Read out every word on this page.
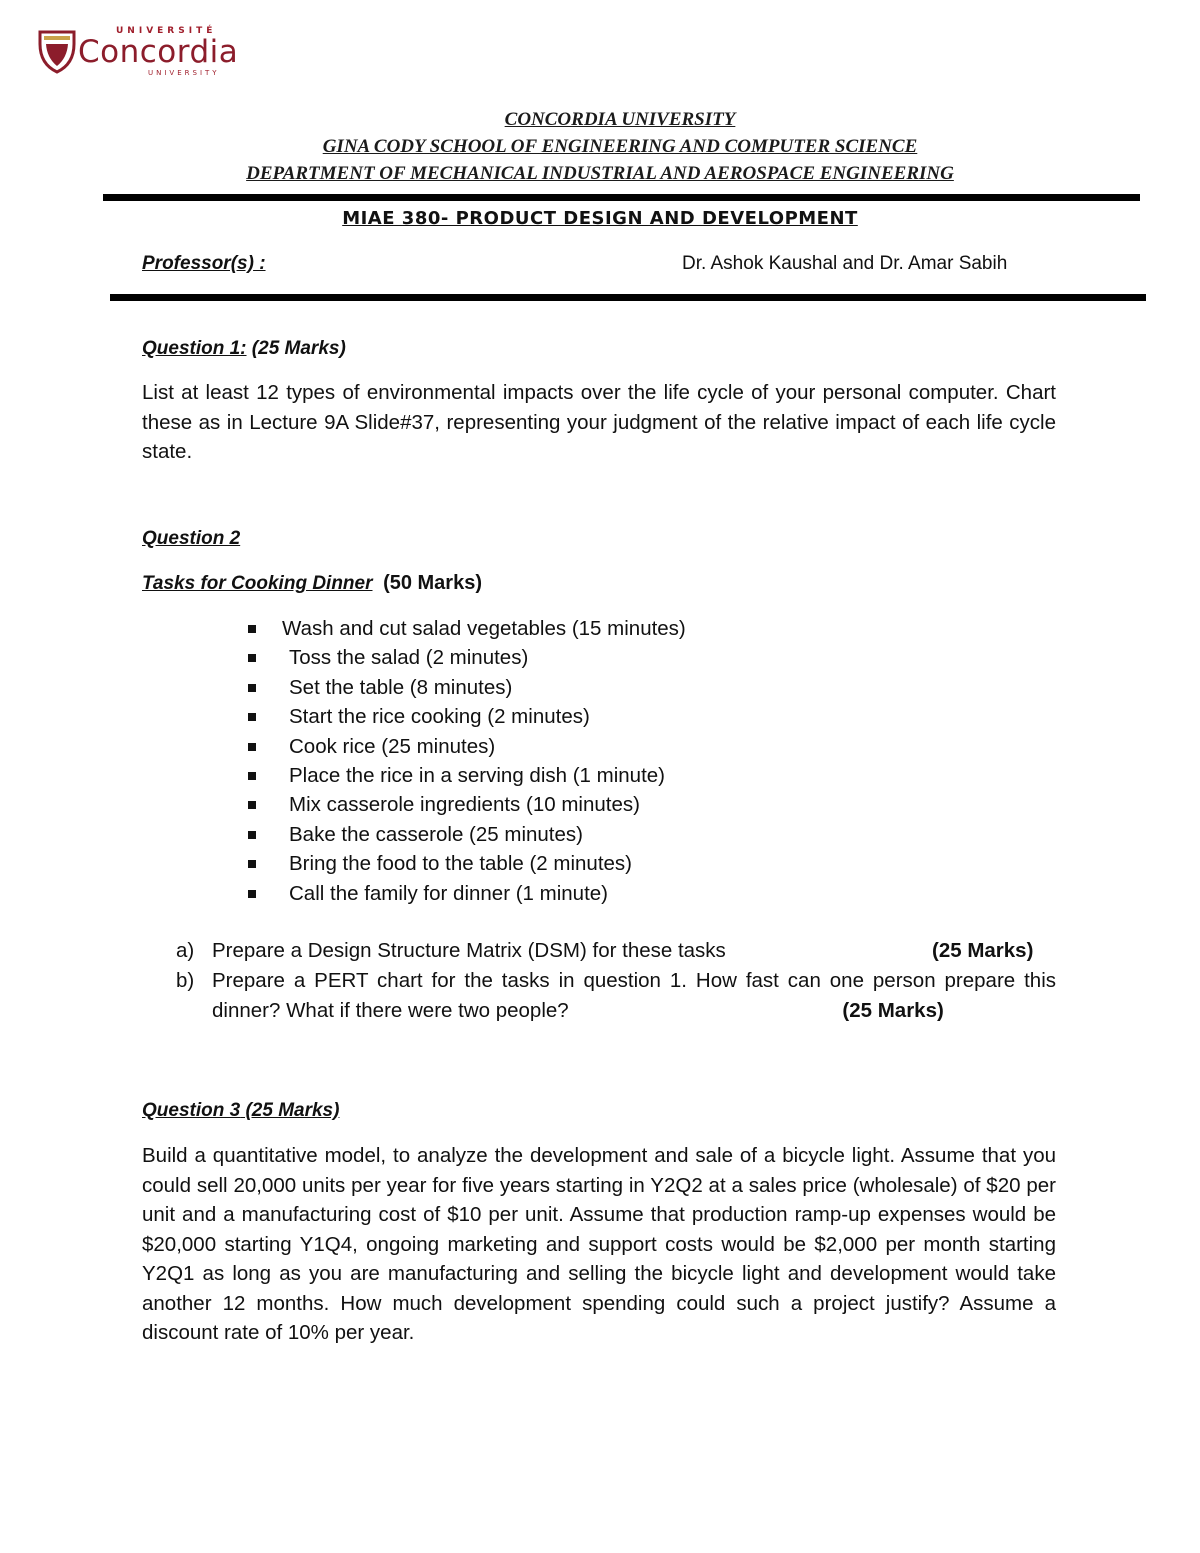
UNIVERSITÉ
Concordia
UNIVERSITY
CONCORDIA UNIVERSITY
GINA CODY SCHOOL OF ENGINEERING AND COMPUTER SCIENCE
DEPARTMENT OF MECHANICAL INDUSTRIAL AND AEROSPACE ENGINEERING
MIAE 380- PRODUCT DESIGN AND DEVELOPMENT
Professor(s) :	Dr. Ashok Kaushal and Dr. Amar Sabih
Question 1: (25 Marks)
List at least 12 types of environmental impacts over the life cycle of your personal computer. Chart these as in Lecture 9A Slide#37, representing your judgment of the relative impact of each life cycle state.
Question 2
Tasks for Cooking Dinner (50 Marks)
Wash and cut salad vegetables (15 minutes)
Toss the salad (2 minutes)
Set the table (8 minutes)
Start the rice cooking (2 minutes)
Cook rice (25 minutes)
Place the rice in a serving dish (1 minute)
Mix casserole ingredients (10 minutes)
Bake the casserole (25 minutes)
Bring the food to the table (2 minutes)
Call the family for dinner (1 minute)
a) Prepare a Design Structure Matrix (DSM) for these tasks	(25 Marks)
b) Prepare a PERT chart for the tasks in question 1. How fast can one person prepare this dinner? What if there were two people?	(25 Marks)
Question 3 (25 Marks)
Build a quantitative model, to analyze the development and sale of a bicycle light. Assume that you could sell 20,000 units per year for five years starting in Y2Q2 at a sales price (wholesale) of $20 per unit and a manufacturing cost of $10 per unit. Assume that production ramp-up expenses would be $20,000 starting Y1Q4, ongoing marketing and support costs would be $2,000 per month starting Y2Q1 as long as you are manufacturing and selling the bicycle light and development would take another 12 months. How much development spending could such a project justify? Assume a discount rate of 10% per year.
